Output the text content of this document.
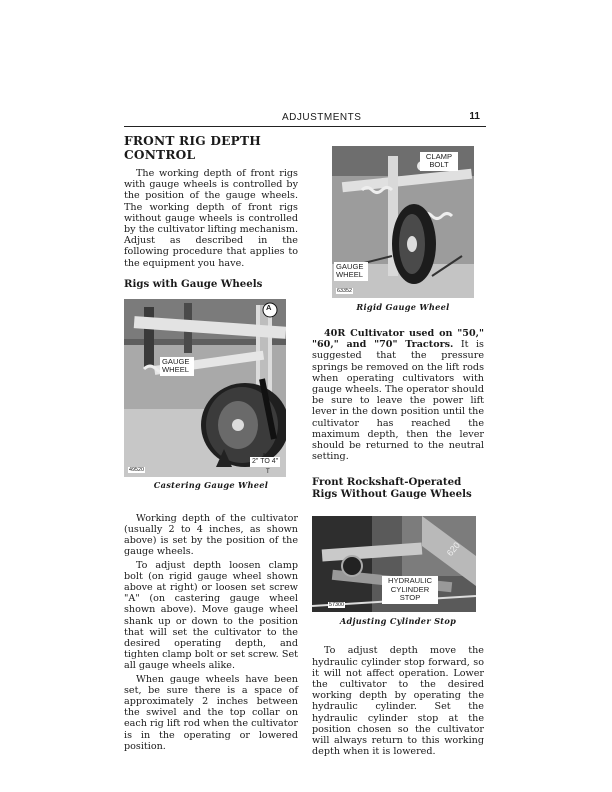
ADJUSTMENTS	11
FRONT RIG DEPTH CONTROL

The working depth of front rigs with gauge wheels is controlled by the position of the gauge wheels. The working depth of front rigs without gauge wheels is controlled by the cultivator lifting mechanism. Adjust as described in the following procedure that applies to the equipment you have.

Rigs with Gauge Wheels
A
GAUGE WHEEL
2" TO 4"
T
49520
Castering Gauge Wheel

Working depth of the cultivator (usually 2 to 4 inches, as shown above) is set by the position of the gauge wheels.

To adjust depth loosen clamp bolt (on rigid gauge wheel shown above at right) or loosen set screw "A" (on castering gauge wheel shown above). Move gauge wheel shank up or down to the position that will set the cultivator to the desired operating depth, and tighten clamp bolt or set screw. Set all gauge wheels alike.

When gauge wheels have been set, be sure there is a space of approximately 2 inches between the swivel and the top collar on each rig lift rod when the cultivator is in the operating or lowered position.

CLAMP BOLT
GAUGE WHEEL
63352
Rigid Gauge Wheel

40R Cultivator used on "50," "60," and "70" Tractors. It is suggested that the pressure springs be removed on the lift rods when operating cultivators with gauge wheels. The operator should be sure to leave the power lift lever in the down position until the cultivator has reached the maximum depth, then the lever should be returned to the neutral setting.

Front Rockshaft-Operated Rigs Without Gauge Wheels
620
HYDRAULIC CYLINDER STOP
57300
Adjusting Cylinder Stop

To adjust depth move the hydraulic cylinder stop forward, so it will not affect operation. Lower the cultivator to the desired working depth by operating the hydraulic cylinder. Set the hydraulic cylinder stop at the position chosen so the cultivator will always return to this working depth when it is lowered.
